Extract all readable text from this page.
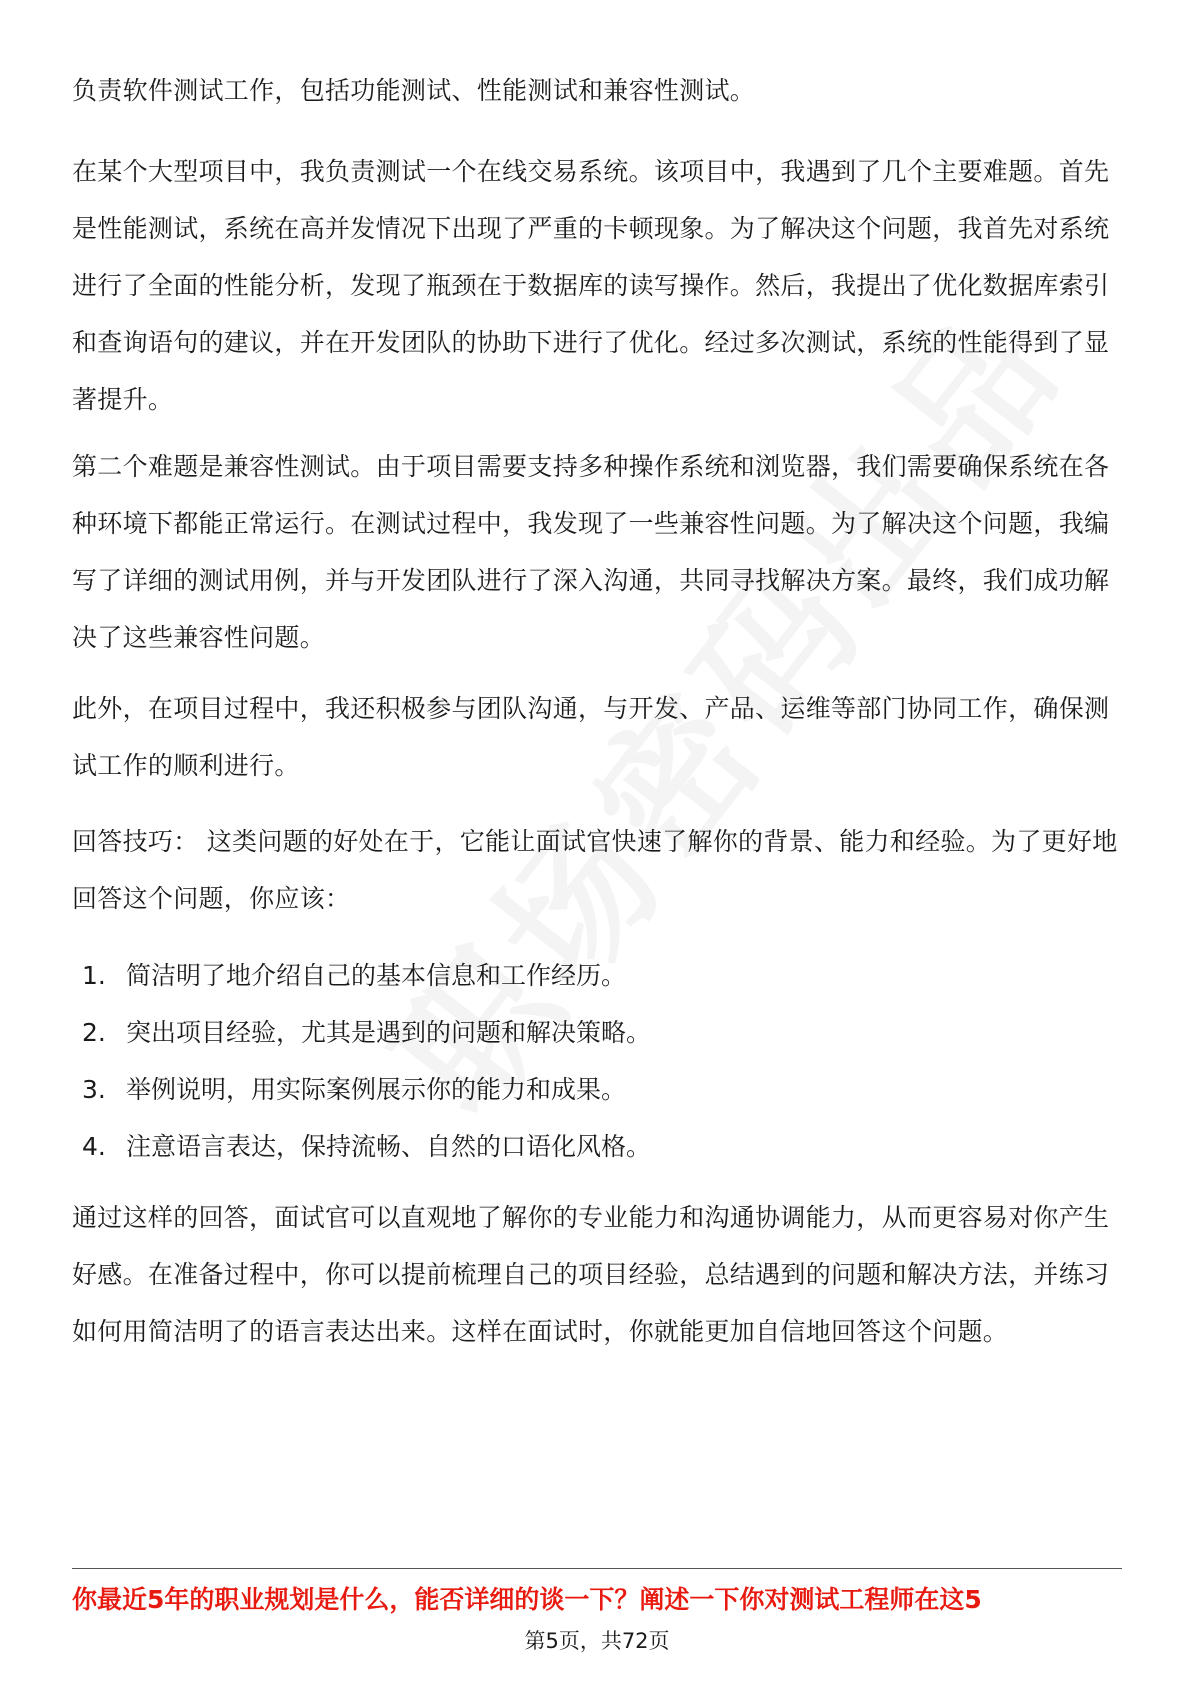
负责软件测试工作，包括功能测试、性能测试和兼容性测试。

在某个大型项目中，我负责测试一个在线交易系统。该项目中，我遇到了几个主要难题。首先是性能测试，系统在高并发情况下出现了严重的卡顿现象。为了解决这个问题，我首先对系统进行了全面的性能分析，发现了瓶颈在于数据库的读写操作。然后，我提出了优化数据库索引和查询语句的建议，并在开发团队的协助下进行了优化。经过多次测试，系统的性能得到了显著提升。

第二个难题是兼容性测试。由于项目需要支持多种操作系统和浏览器，我们需要确保系统在各种环境下都能正常运行。在测试过程中，我发现了一些兼容性问题。为了解决这个问题，我编写了详细的测试用例，并与开发团队进行了深入沟通，共同寻找解决方案。最终，我们成功解决了这些兼容性问题。

此外，在项目过程中，我还积极参与团队沟通，与开发、产品、运维等部门协同工作，确保测试工作的顺利进行。

回答技巧： 这类问题的好处在于，它能让面试官快速了解你的背景、能力和经验。为了更好地回答这个问题，你应该：

1. 简洁明了地介绍自己的基本信息和工作经历。
2. 突出项目经验，尤其是遇到的问题和解决策略。
3. 举例说明，用实际案例展示你的能力和成果。
4. 注意语言表达，保持流畅、自然的口语化风格。

通过这样的回答，面试官可以直观地了解你的专业能力和沟通协调能力，从而更容易对你产生好感。在准备过程中，你可以提前梳理自己的项目经验，总结遇到的问题和解决方法，并练习如何用简洁明了的语言表达出来。这样在面试时，你就能更加自信地回答这个问题。

你最近5年的职业规划是什么，能否详细的谈一下？阐述一下你对测试工程师在这5

第5页，共72页
